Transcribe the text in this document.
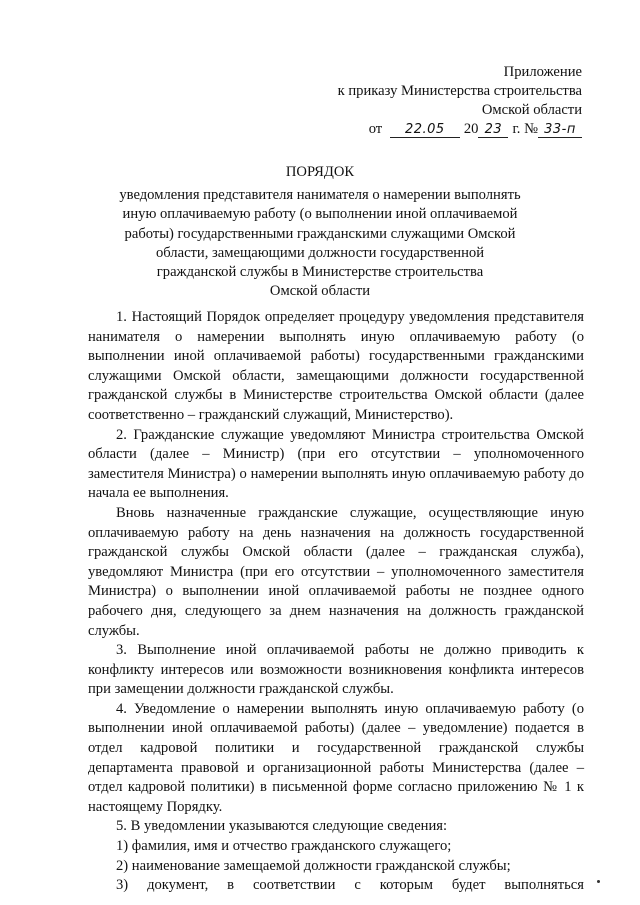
Приложение
к приказу Министерства строительства
Омской области
от 22.05 20 23 г. № 33-п
ПОРЯДОК
уведомления представителя нанимателя о намерении выполнять
иную оплачиваемую работу (о выполнении иной оплачиваемой
работы) государственными гражданскими служащими Омской
области, замещающими должности государственной
гражданской службы в Министерстве строительства
Омской области

1. Настоящий Порядок определяет процедуру уведомления представителя нанимателя о намерении выполнять иную оплачиваемую работу (о выполнении иной оплачиваемой работы) государственными гражданскими служащими Омской области, замещающими должности государственной гражданской службы в Министерстве строительства Омской области (далее соответственно – гражданский служащий, Министерство).

2. Гражданские служащие уведомляют Министра строительства Омской области (далее – Министр) (при его отсутствии – уполномоченного заместителя Министра) о намерении выполнять иную оплачиваемую работу до начала ее выполнения.

Вновь назначенные гражданские служащие, осуществляющие иную оплачиваемую работу на день назначения на должность государственной гражданской службы Омской области (далее – гражданская служба), уведомляют Министра (при его отсутствии – уполномоченного заместителя Министра) о выполнении иной оплачиваемой работы не позднее одного рабочего дня, следующего за днем назначения на должность гражданской службы.

3. Выполнение иной оплачиваемой работы не должно приводить к конфликту интересов или возможности возникновения конфликта интересов при замещении должности гражданской службы.

4. Уведомление о намерении выполнять иную оплачиваемую работу (о выполнении иной оплачиваемой работы) (далее – уведомление) подается в отдел кадровой политики и государственной гражданской службы департамента правовой и организационной работы Министерства (далее – отдел кадровой политики) в письменной форме согласно приложению № 1 к настоящему Порядку.

5. В уведомлении указываются следующие сведения:

1) фамилия, имя и отчество гражданского служащего;

2) наименование замещаемой должности гражданской службы;

3) документ, в соответствии с которым будет выполняться
